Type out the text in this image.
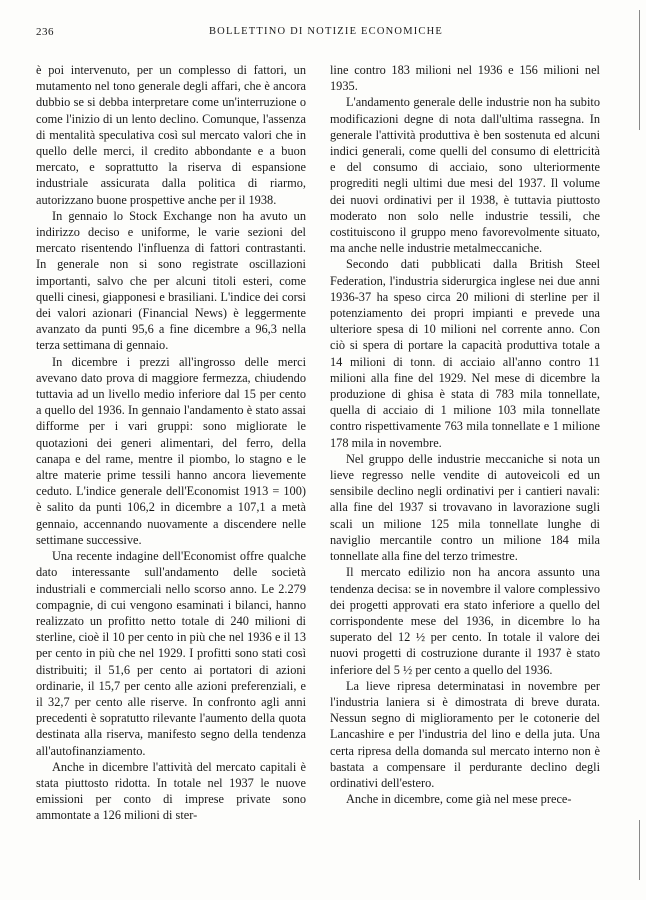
236	BOLLETTINO DI NOTIZIE ECONOMICHE

è poi intervenuto, per un complesso di fattori, un mutamento nel tono generale degli affari, che è ancora dubbio se si debba interpretare come un'interruzione o come l'inizio di un lento declino. Comunque, l'assenza di mentalità speculativa così sul mercato valori che in quello delle merci, il credito abbondante e a buon mercato, e soprattutto la riserva di espansione industriale assicurata dalla politica di riarmo, autorizzano buone prospettive anche per il 1938.

In gennaio lo Stock Exchange non ha avuto un indirizzo deciso e uniforme, le varie sezioni del mercato risentendo l'influenza di fattori contrastanti. In generale non si sono registrate oscillazioni importanti, salvo che per alcuni titoli esteri, come quelli cinesi, giapponesi e brasiliani. L'indice dei corsi dei valori azionari (Financial News) è leggermente avanzato da punti 95,6 a fine dicembre a 96,3 nella terza settimana di gennaio.

In dicembre i prezzi all'ingrosso delle merci avevano dato prova di maggiore fermezza, chiudendo tuttavia ad un livello medio inferiore dal 15 per cento a quello del 1936. In gennaio l'andamento è stato assai difforme per i vari gruppi: sono migliorate le quotazioni dei generi alimentari, del ferro, della canapa e del rame, mentre il piombo, lo stagno e le altre materie prime tessili hanno ancora lievemente ceduto. L'indice generale dell'Economist 1913 = 100) è salito da punti 106,2 in dicembre a 107,1 a metà gennaio, accennando nuovamente a discendere nelle settimane successive.

Una recente indagine dell'Economist offre qualche dato interessante sull'andamento delle società industriali e commerciali nello scorso anno. Le 2.279 compagnie, di cui vengono esaminati i bilanci, hanno realizzato un profitto netto totale di 240 milioni di sterline, cioè il 10 per cento in più che nel 1936 e il 13 per cento in più che nel 1929. I profitti sono stati così distribuiti; il 51,6 per cento ai portatori di azioni ordinarie, il 15,7 per cento alle azioni preferenziali, e il 32,7 per cento alle riserve. In confronto agli anni precedenti è sopratutto rilevante l'aumento della quota destinata alla riserva, manifesto segno della tendenza all'autofinanziamento.

Anche in dicembre l'attività del mercato capitali è stata piuttosto ridotta. In totale nel 1937 le nuove emissioni per conto di imprese private sono ammontate a 126 milioni di ster-

line contro 183 milioni nel 1936 e 156 milioni nel 1935.

L'andamento generale delle industrie non ha subito modificazioni degne di nota dall'ultima rassegna. In generale l'attività produttiva è ben sostenuta ed alcuni indici generali, come quelli del consumo di elettricità e del consumo di acciaio, sono ulteriormente progrediti negli ultimi due mesi del 1937. Il volume dei nuovi ordinativi per il 1938, è tuttavia piuttosto moderato non solo nelle industrie tessili, che costituiscono il gruppo meno favorevolmente situato, ma anche nelle industrie metalmeccaniche.

Secondo dati pubblicati dalla British Steel Federation, l'industria siderurgica inglese nei due anni 1936-37 ha speso circa 20 milioni di sterline per il potenziamento dei propri impianti e prevede una ulteriore spesa di 10 milioni nel corrente anno. Con ciò si spera di portare la capacità produttiva totale a 14 milioni di tonn. di acciaio all'anno contro 11 milioni alla fine del 1929. Nel mese di dicembre la produzione di ghisa è stata di 783 mila tonnellate, quella di acciaio di 1 milione 103 mila tonnellate contro rispettivamente 763 mila tonnellate e 1 milione 178 mila in novembre.

Nel gruppo delle industrie meccaniche si nota un lieve regresso nelle vendite di autoveicoli ed un sensibile declino negli ordinativi per i cantieri navali: alla fine del 1937 si trovavano in lavorazione sugli scali un milione 125 mila tonnellate lunghe di naviglio mercantile contro un milione 184 mila tonnellate alla fine del terzo trimestre.

Il mercato edilizio non ha ancora assunto una tendenza decisa: se in novembre il valore complessivo dei progetti approvati era stato inferiore a quello del corrispondente mese del 1936, in dicembre lo ha superato del 12 ½ per cento. In totale il valore dei nuovi progetti di costruzione durante il 1937 è stato inferiore del 5 ½ per cento a quello del 1936.

La lieve ripresa determinatasi in novembre per l'industria laniera si è dimostrata di breve durata. Nessun segno di miglioramento per le cotonerie del Lancashire e per l'industria del lino e della juta. Una certa ripresa della domanda sul mercato interno non è bastata a compensare il perdurante declino degli ordinativi dell'estero.

Anche in dicembre, come già nel mese prece-
